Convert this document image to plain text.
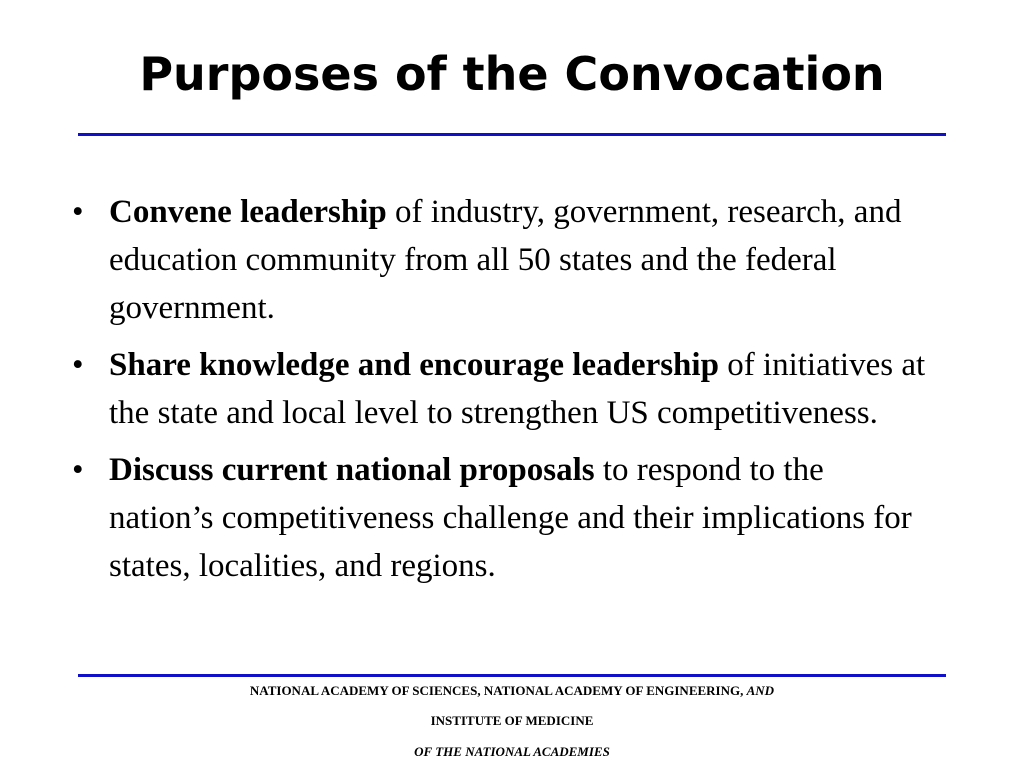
Purposes of the Convocation
• Convene leadership of industry, government, research, and education community from all 50 states and the federal government.
• Share knowledge and encourage leadership of initiatives at the state and local level to strengthen US competitiveness.
• Discuss current national proposals to respond to the nation’s competitiveness challenge and their implications for states, localities, and regions.

NATIONAL ACADEMY OF SCIENCES, NATIONAL ACADEMY OF ENGINEERING, AND

INSTITUTE OF MEDICINE

OF THE NATIONAL ACADEMIES
